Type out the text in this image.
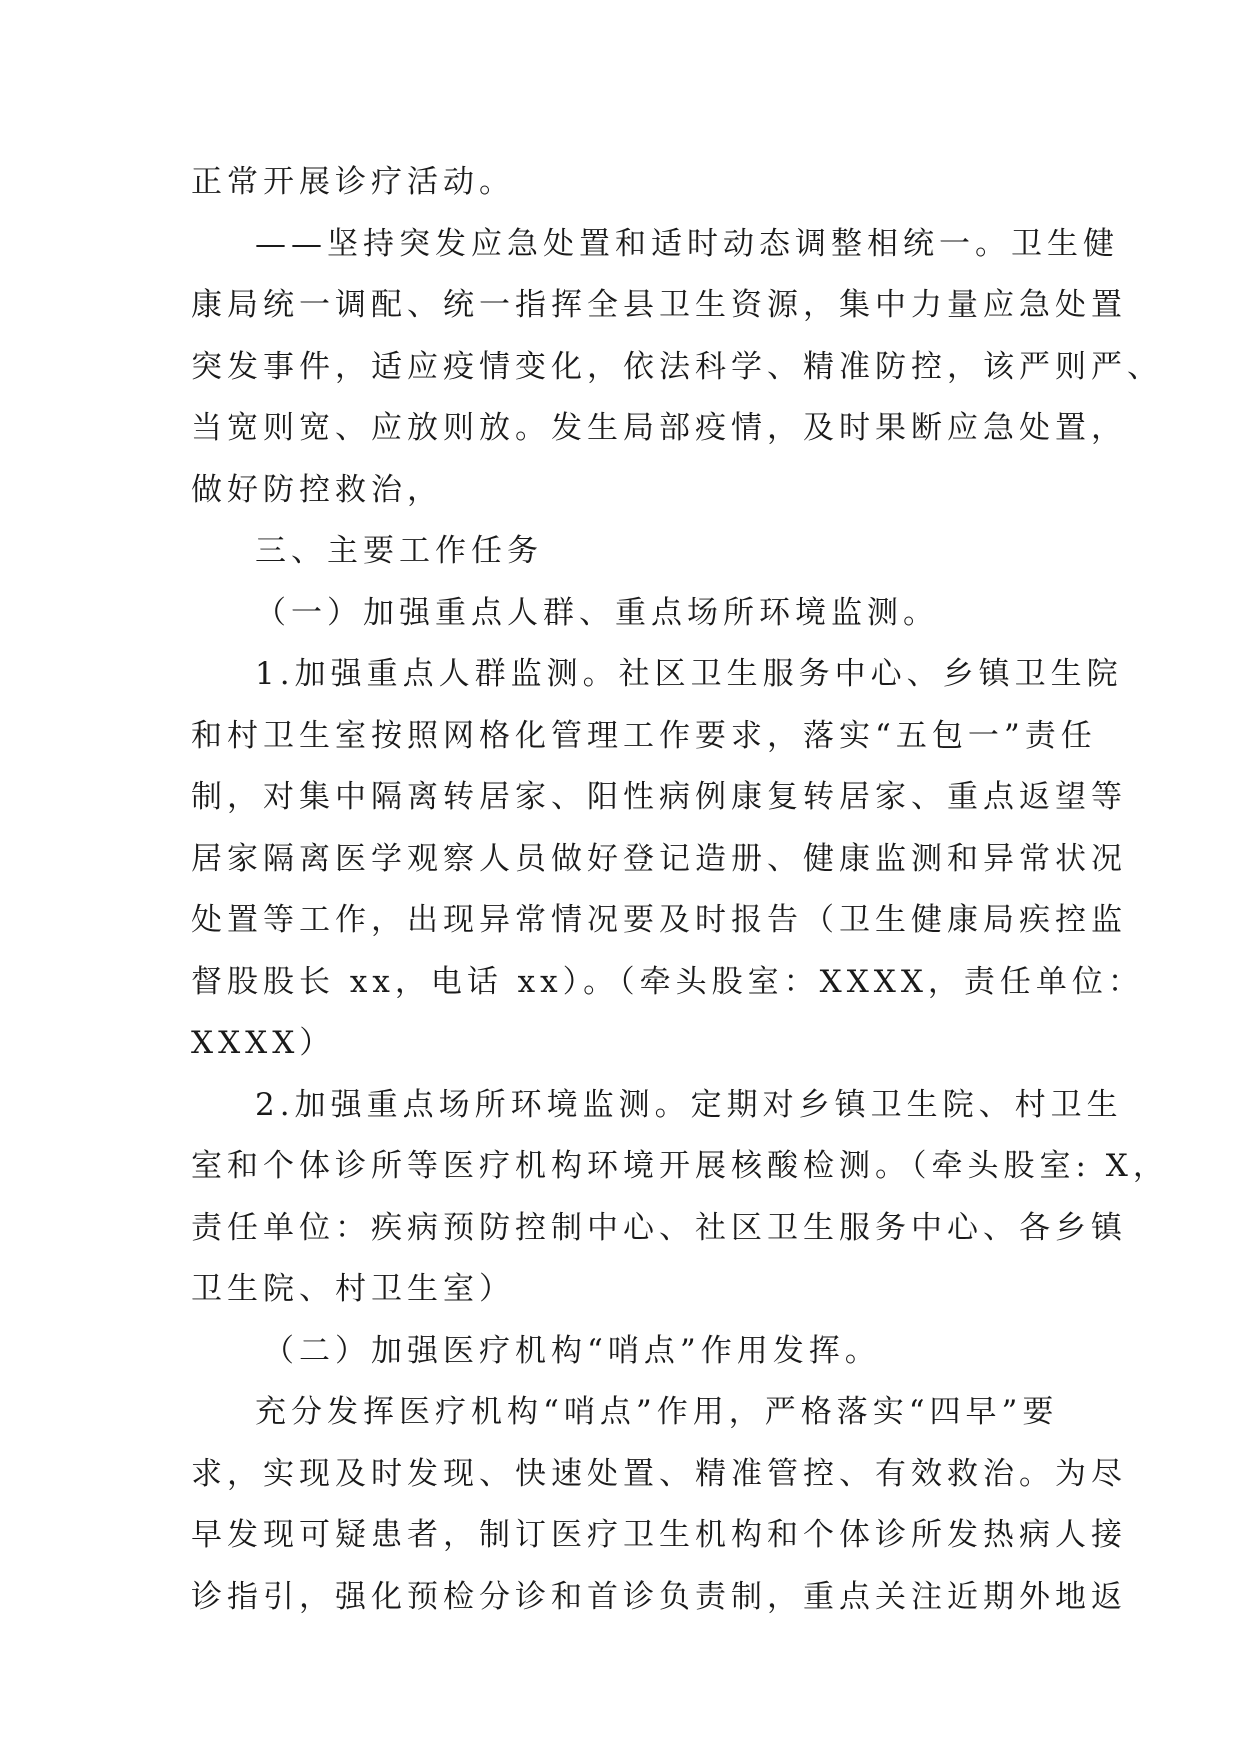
正常开展诊疗活动。
——坚持突发应急处置和适时动态调整相统一。卫生健
康局统一调配、统一指挥全县卫生资源，集中力量应急处置
突发事件，适应疫情变化，依法科学、精准防控，该严则严、
当宽则宽、应放则放。发生局部疫情，及时果断应急处置，
做好防控救治，
三、主要工作任务
（一）加强重点人群、重点场所环境监测。
1.加强重点人群监测。社区卫生服务中心、乡镇卫生院
和村卫生室按照网格化管理工作要求，落实“五包一”责任
制，对集中隔离转居家、阳性病例康复转居家、重点返望等
居家隔离医学观察人员做好登记造册、健康监测和异常状况
处置等工作，出现异常情况要及时报告（卫生健康局疾控监
督股股长 xx，电话 xx）。（牵头股室：XXXX，责任单位：
XXXX）
2.加强重点场所环境监测。定期对乡镇卫生院、村卫生
室和个体诊所等医疗机构环境开展核酸检测。（牵头股室: X，
责任单位：疾病预防控制中心、社区卫生服务中心、各乡镇
卫生院、村卫生室）
（二）加强医疗机构“哨点”作用发挥。
充分发挥医疗机构“哨点”作用，严格落实“四早”要
求，实现及时发现、快速处置、精准管控、有效救治。为尽
早发现可疑患者，制订医疗卫生机构和个体诊所发热病人接
诊指引，强化预检分诊和首诊负责制，重点关注近期外地返
